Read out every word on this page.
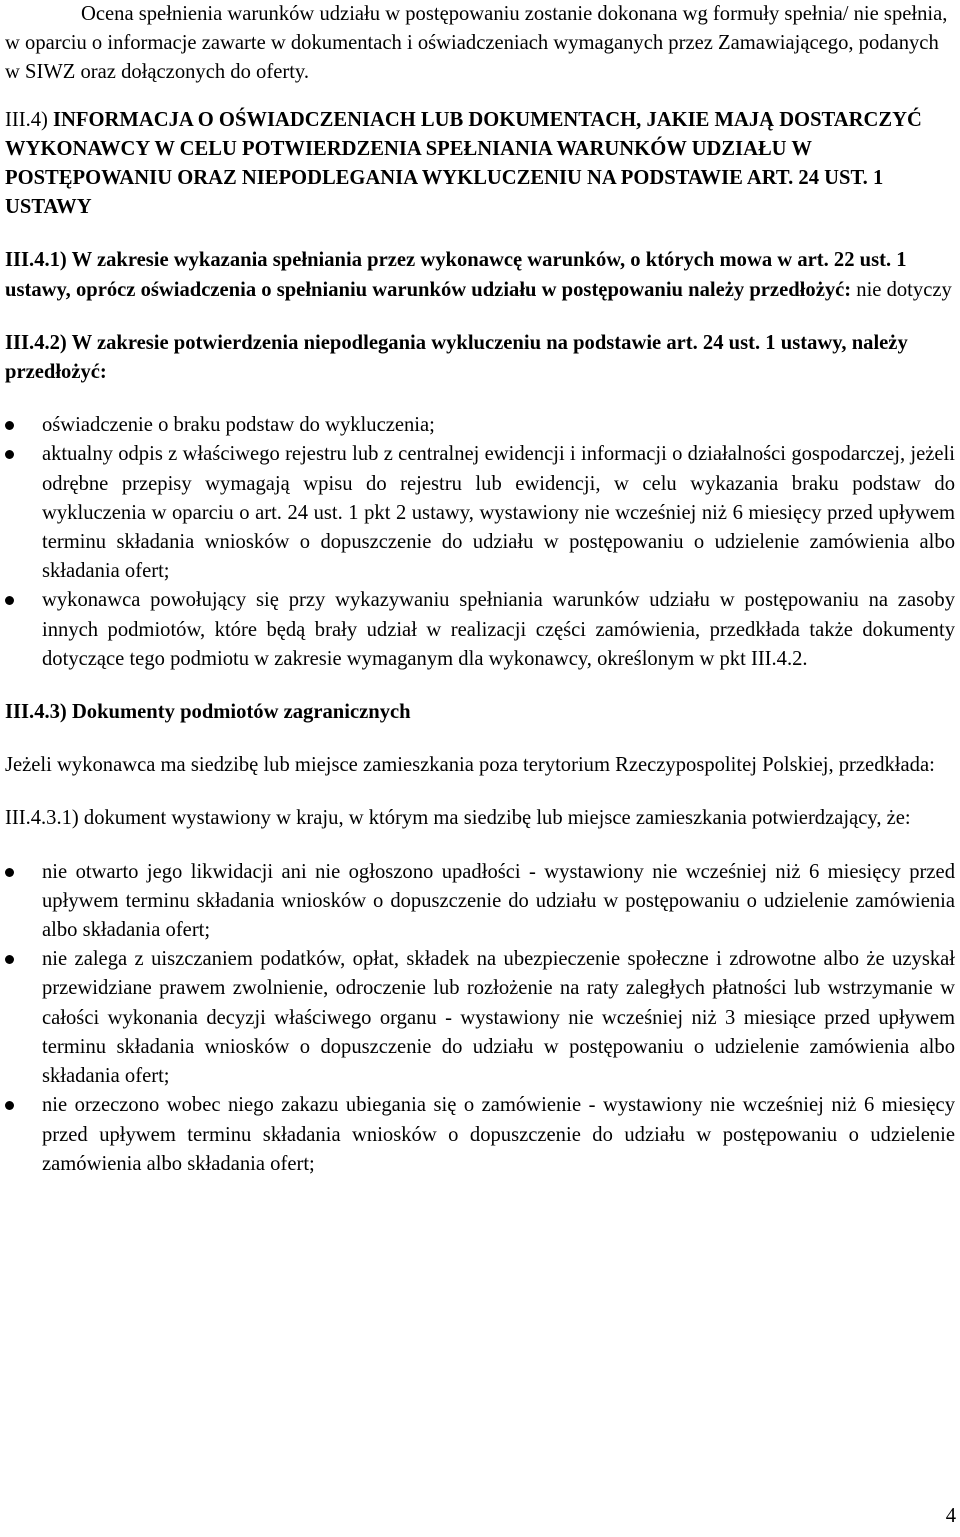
Ocena spełnienia warunków udziału w postępowaniu zostanie dokonana wg formuły spełnia/ nie spełnia, w oparciu o informacje zawarte w dokumentach i oświadczeniach wymaganych przez Zamawiającego, podanych w SIWZ oraz dołączonych do oferty.

III.4) INFORMACJA O OŚWIADCZENIACH LUB DOKUMENTACH, JAKIE MAJĄ DOSTARCZYĆ WYKONAWCY W CELU POTWIERDZENIA SPEŁNIANIA WARUNKÓW UDZIAŁU W POSTĘPOWANIU ORAZ NIEPODLEGANIA WYKLUCZENIU NA PODSTAWIE ART. 24 UST. 1 USTAWY

III.4.1) W zakresie wykazania spełniania przez wykonawcę warunków, o których mowa w art. 22 ust. 1 ustawy, oprócz oświadczenia o spełnianiu warunków udziału w postępowaniu należy przedłożyć: nie dotyczy

III.4.2) W zakresie potwierdzenia niepodlegania wykluczeniu na podstawie art. 24 ust. 1 ustawy, należy przedłożyć:

oświadczenie o braku podstaw do wykluczenia;
aktualny odpis z właściwego rejestru lub z centralnej ewidencji i informacji o działalności gospodarczej, jeżeli odrębne przepisy wymagają wpisu do rejestru lub ewidencji, w celu wykazania braku podstaw do wykluczenia w oparciu o art. 24 ust. 1 pkt 2 ustawy, wystawiony nie wcześniej niż 6 miesięcy przed upływem terminu składania wniosków o dopuszczenie do udziału w postępowaniu o udzielenie zamówienia albo składania ofert;
wykonawca powołujący się przy wykazywaniu spełniania warunków udziału w postępowaniu na zasoby innych podmiotów, które będą brały udział w realizacji części zamówienia, przedkłada także dokumenty dotyczące tego podmiotu w zakresie wymaganym dla wykonawcy, określonym w pkt III.4.2.

III.4.3) Dokumenty podmiotów zagranicznych

Jeżeli wykonawca ma siedzibę lub miejsce zamieszkania poza terytorium Rzeczypospolitej Polskiej, przedkłada:

III.4.3.1) dokument wystawiony w kraju, w którym ma siedzibę lub miejsce zamieszkania potwierdzający, że:

nie otwarto jego likwidacji ani nie ogłoszono upadłości - wystawiony nie wcześniej niż 6 miesięcy przed upływem terminu składania wniosków o dopuszczenie do udziału w postępowaniu o udzielenie zamówienia albo składania ofert;
nie zalega z uiszczaniem podatków, opłat, składek na ubezpieczenie społeczne i zdrowotne albo że uzyskał przewidziane prawem zwolnienie, odroczenie lub rozłożenie na raty zaległych płatności lub wstrzymanie w całości wykonania decyzji właściwego organu - wystawiony nie wcześniej niż 3 miesiące przed upływem terminu składania wniosków o dopuszczenie do udziału w postępowaniu o udzielenie zamówienia albo składania ofert;
nie orzeczono wobec niego zakazu ubiegania się o zamówienie - wystawiony nie wcześniej niż 6 miesięcy przed upływem terminu składania wniosków o dopuszczenie do udziału w postępowaniu o udzielenie zamówienia albo składania ofert;
4
